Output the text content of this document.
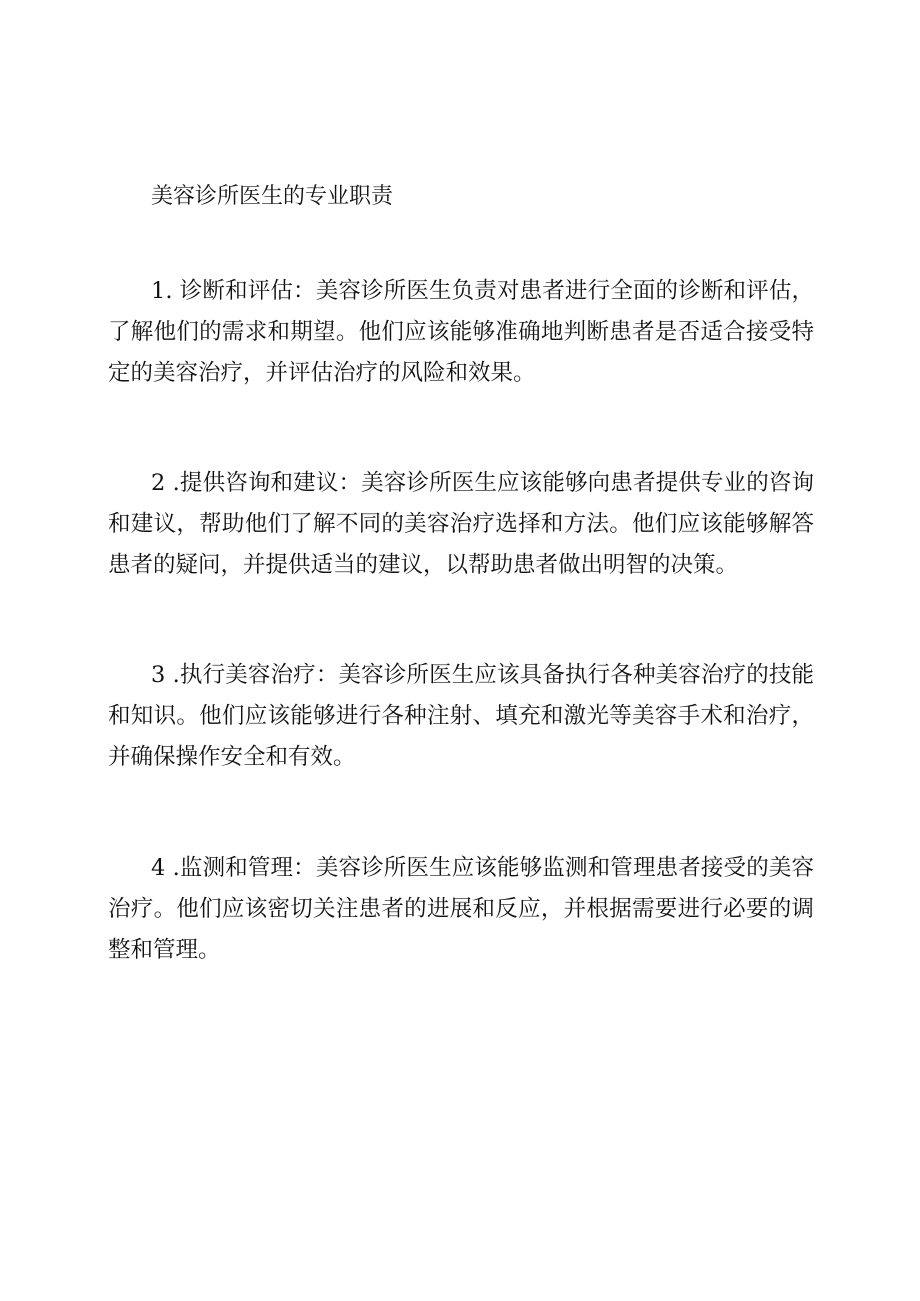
美容诊所医生的专业职责

1. 诊断和评估：美容诊所医生负责对患者进行全面的诊断和评估，了解他们的需求和期望。他们应该能够准确地判断患者是否适合接受特定的美容治疗，并评估治疗的风险和效果。

2 .提供咨询和建议：美容诊所医生应该能够向患者提供专业的咨询和建议，帮助他们了解不同的美容治疗选择和方法。他们应该能够解答患者的疑问，并提供适当的建议，以帮助患者做出明智的决策。

3 .执行美容治疗：美容诊所医生应该具备执行各种美容治疗的技能和知识。他们应该能够进行各种注射、填充和激光等美容手术和治疗，并确保操作安全和有效。

4 .监测和管理：美容诊所医生应该能够监测和管理患者接受的美容治疗。他们应该密切关注患者的进展和反应，并根据需要进行必要的调整和管理。
